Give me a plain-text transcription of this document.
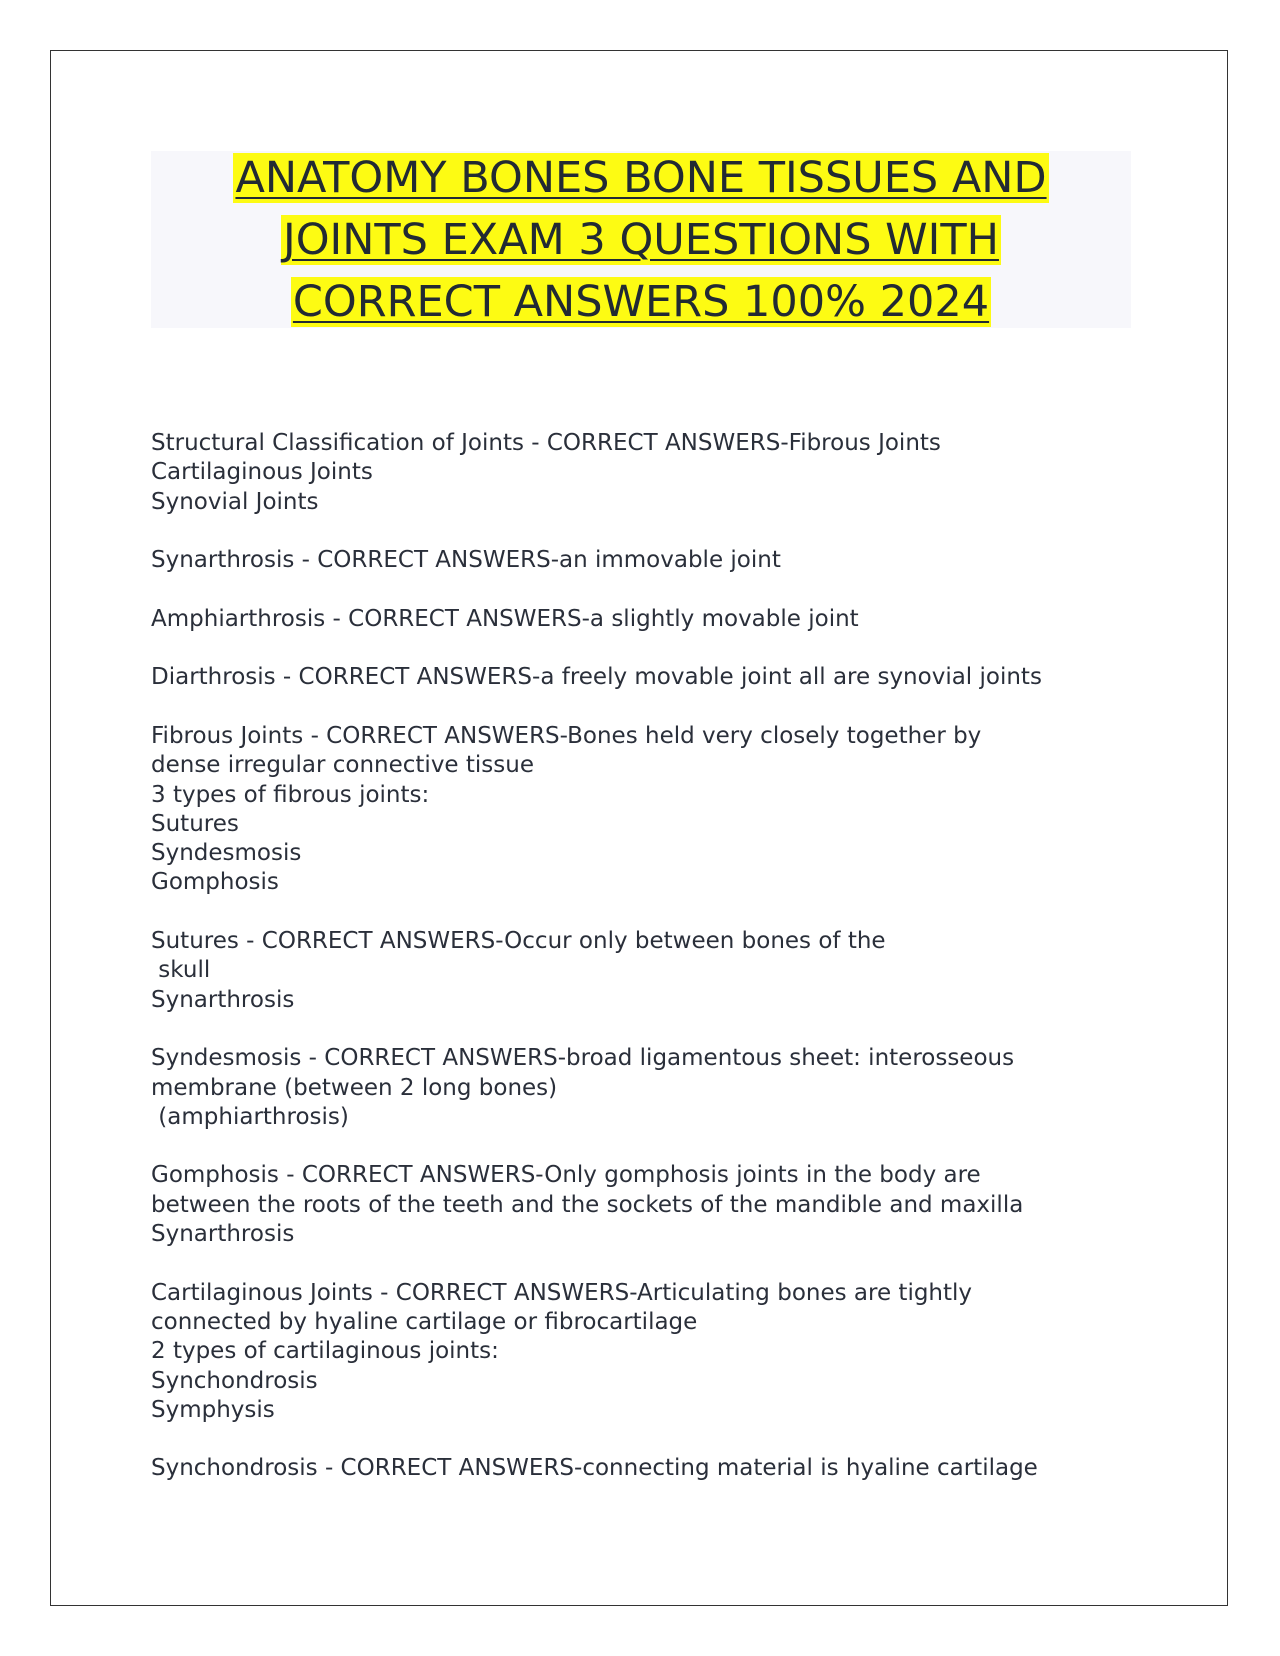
ANATOMY BONES BONE TISSUES AND
JOINTS EXAM 3 QUESTIONS WITH
CORRECT ANSWERS 100% 2024
Structural Classification of Joints - CORRECT ANSWERS-Fibrous Joints
Cartilaginous Joints
Synovial Joints
Synarthrosis - CORRECT ANSWERS-an immovable joint
Amphiarthrosis - CORRECT ANSWERS-a slightly movable joint
Diarthrosis - CORRECT ANSWERS-a freely movable joint all are synovial joints
Fibrous Joints - CORRECT ANSWERS-Bones held very closely together by
dense irregular connective tissue
3 types of fibrous joints:
Sutures
Syndesmosis
Gomphosis
Sutures - CORRECT ANSWERS-Occur only between bones of the
skull
Synarthrosis
Syndesmosis - CORRECT ANSWERS-broad ligamentous sheet: interosseous
membrane (between 2 long bones)
(amphiarthrosis)
Gomphosis - CORRECT ANSWERS-Only gomphosis joints in the body are
between the roots of the teeth and the sockets of the mandible and maxilla
Synarthrosis
Cartilaginous Joints - CORRECT ANSWERS-Articulating bones are tightly
connected by hyaline cartilage or fibrocartilage
2 types of cartilaginous joints:
Synchondrosis
Symphysis
Synchondrosis - CORRECT ANSWERS-connecting material is hyaline cartilage
